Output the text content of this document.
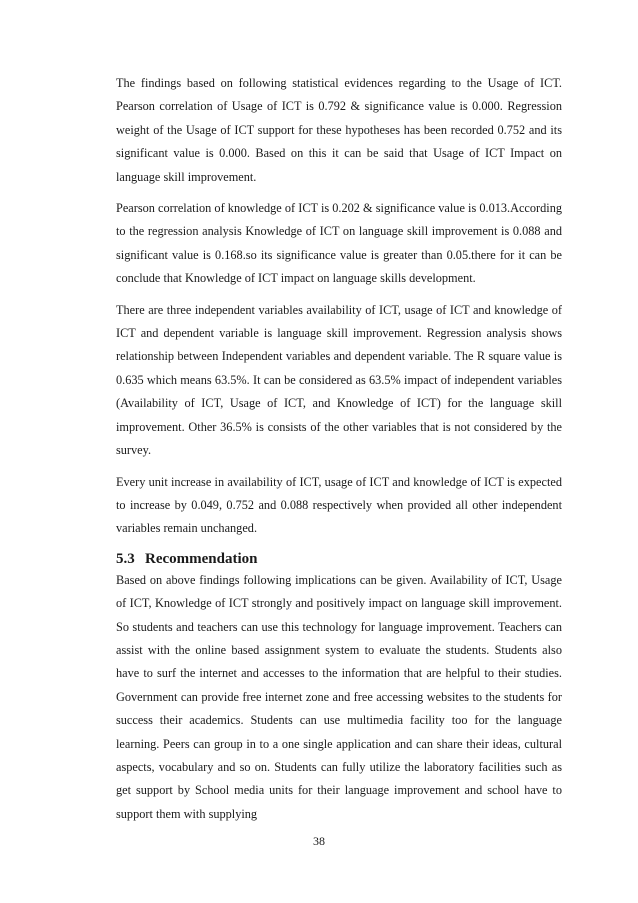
The findings based on following statistical evidences regarding to the Usage of ICT. Pearson correlation of Usage of ICT is 0.792 & significance value is 0.000. Regression weight of the Usage of ICT support for these hypotheses has been recorded 0.752 and its significant value is 0.000. Based on this it can be said that Usage of ICT Impact on language skill improvement.

Pearson correlation of knowledge of ICT is 0.202 & significance value is 0.013.According to the regression analysis Knowledge of ICT on language skill improvement is 0.088 and significant value is 0.168.so its significance value is greater than 0.05.there for it can be conclude that Knowledge of ICT impact on language skills development.

There are three independent variables availability of ICT, usage of ICT and knowledge of ICT and dependent variable is language skill improvement. Regression analysis shows relationship between Independent variables and dependent variable. The R square value is 0.635 which means 63.5%. It can be considered as 63.5% impact of independent variables (Availability of ICT, Usage of ICT, and Knowledge of ICT) for the language skill improvement. Other 36.5% is consists of the other variables that is not considered by the survey.

Every unit increase in availability of ICT, usage of ICT and knowledge of ICT is expected to increase by 0.049, 0.752 and 0.088 respectively when provided all other independent variables remain unchanged.

5.3 Recommendation

Based on above findings following implications can be given. Availability of ICT, Usage of ICT, Knowledge of ICT strongly and positively impact on language skill improvement. So students and teachers can use this technology for language improvement. Teachers can assist with the online based assignment system to evaluate the students. Students also have to surf the internet and accesses to the information that are helpful to their studies. Government can provide free internet zone and free accessing websites to the students for success their academics. Students can use multimedia facility too for the language learning. Peers can group in to a one single application and can share their ideas, cultural aspects, vocabulary and so on. Students can fully utilize the laboratory facilities such as get support by School media units for their language improvement and school have to support them with supplying

38
